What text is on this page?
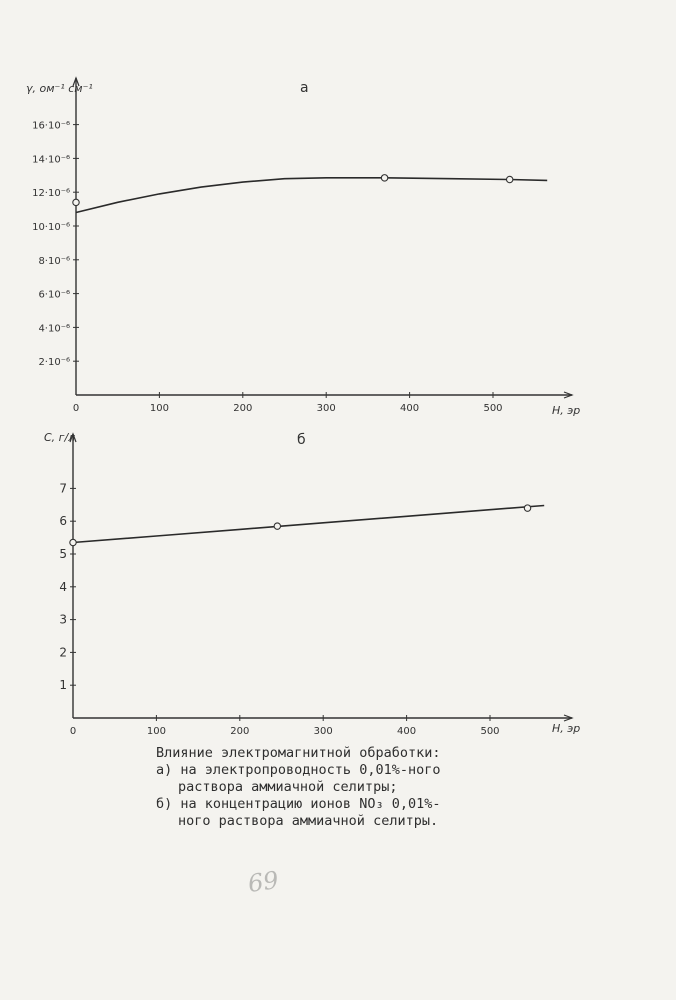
0	100	200	300	400	500
2·10⁻⁶
4·10⁻⁶
6·10⁻⁶
8·10⁻⁶
10·10⁻⁶
12·10⁻⁶
14·10⁻⁶
16·10⁻⁶
a
γ, ом⁻¹ см⁻¹
H, эр
0	100	200	300	400	500
1
2
3
4
5
6
7
б
C, г/л
H, эр
Влияние электромагнитной обработки:
а) на электропроводность 0,01%-ного
раствора аммиачной селитры;
б) на концентрацию ионов NO₃ 0,01%-
ного раствора аммиачной селитры.
69
